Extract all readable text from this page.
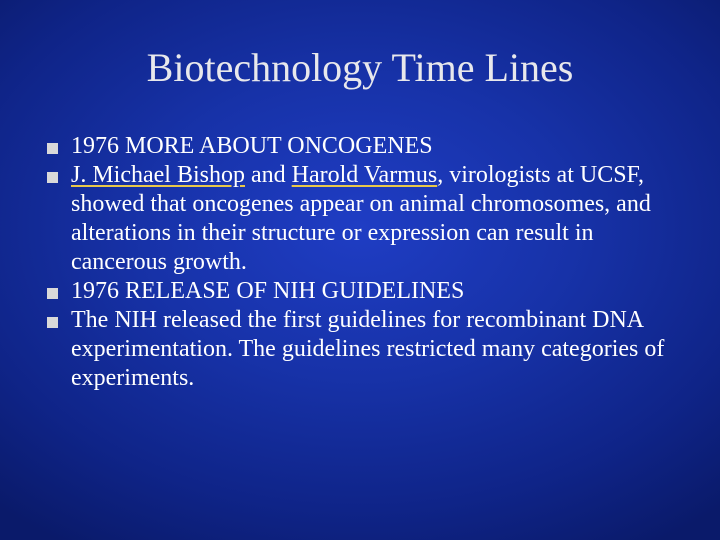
Biotechnology Time Lines
1976 MORE ABOUT ONCOGENES
J. Michael Bishop and Harold Varmus, virologists at UCSF, showed that oncogenes appear on animal chromosomes, and alterations in their structure or expression can result in cancerous growth.
1976 RELEASE OF NIH GUIDELINES
The NIH released the first guidelines for recombinant DNA experimentation. The guidelines restricted many categories of experiments.
